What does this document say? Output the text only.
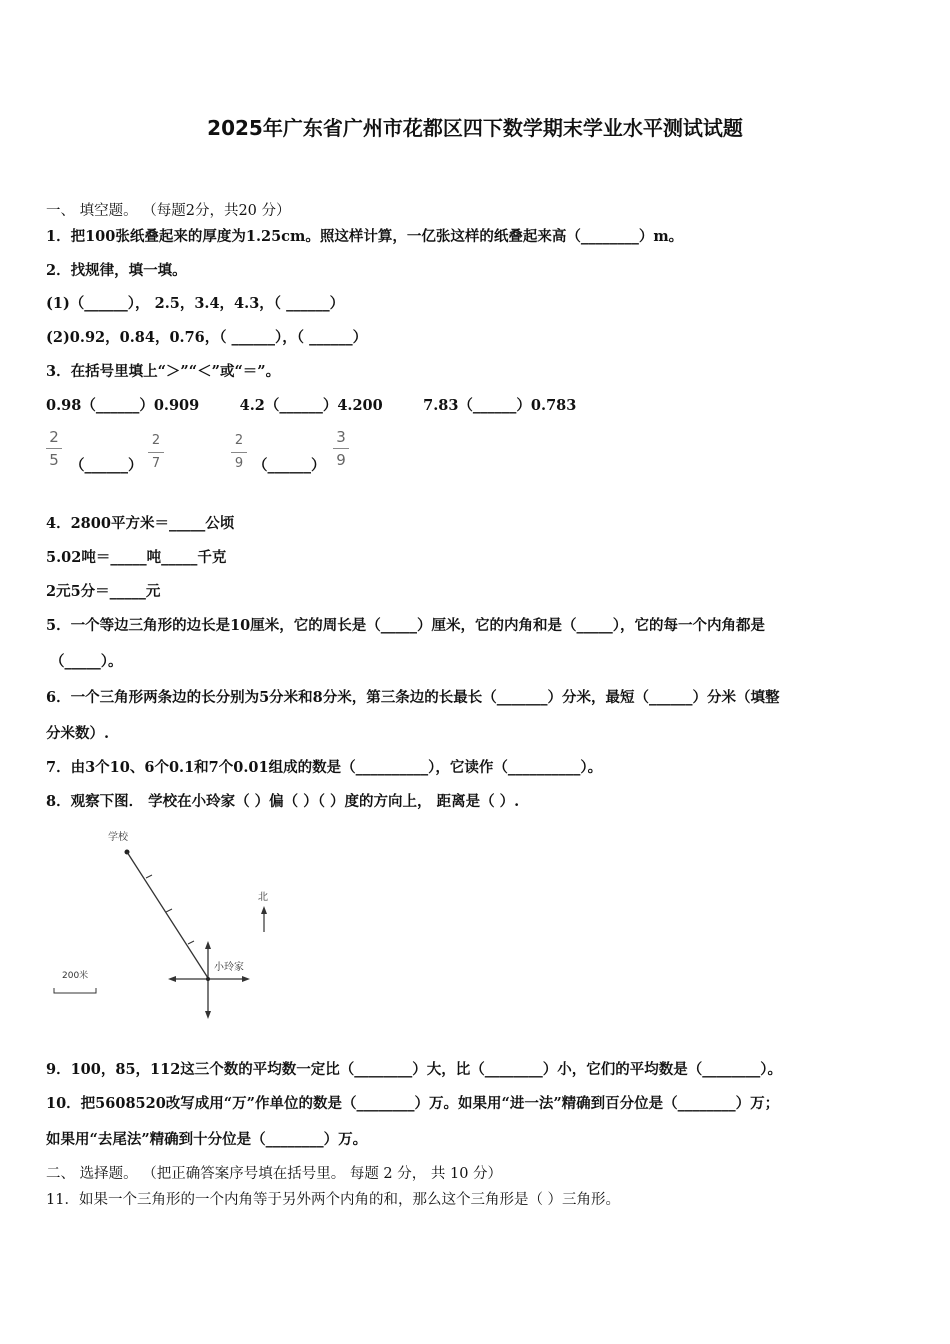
2025年广东省广州市花都区四下数学期末学业水平测试试题
一、 填空题。 （每题2分，共20 分）
1．把100张纸叠起来的厚度为1.25cm。照这样计算，一亿张这样的纸叠起来高（________）m。
2．找规律，填一填。
(1)（______）， 2.5，3.4，4.3，（ ______）
(2)0.92，0.84，0.76，（ ______），（ ______）
3．在括号里填上“＞”“＜”或“＝”。
0.98（______）0.909        4.2（______）4.200        7.83（______）0.783
2
5 （______）
2
7
2
9 （______）
3
9
4．2800平方米＝_____公顷
5.02吨＝_____吨_____千克
2元5分＝_____元
5．一个等边三角形的边长是10厘米，它的周长是（_____）厘米，它的内角和是（_____），它的每一个内角都是
（_____）。
6．一个三角形两条边的长分别为5分米和8分米，第三条边的长最长（_______）分米，最短（______）分米（填整
分米数）.
7．由3个10、6个0.1和7个0.01组成的数是（__________），它读作（__________）。
8．观察下图． 学校在小玲家（ ）偏（ ）（ ）度的方向上， 距离是（ ）.
学校
小玲家
北
200米
9．100，85，112这三个数的平均数一定比（________）大，比（________）小，它们的平均数是（________）。
10．把5608520改写成用“万”作单位的数是（________）万。如果用“进一法”精确到百分位是（________）万；
如果用“去尾法”精确到十分位是（________）万。
二、 选择题。 （把正确答案序号填在括号里。 每题 2 分， 共 10 分）
11．如果一个三角形的一个内角等于另外两个内角的和，那么这个三角形是（ ）三角形。
